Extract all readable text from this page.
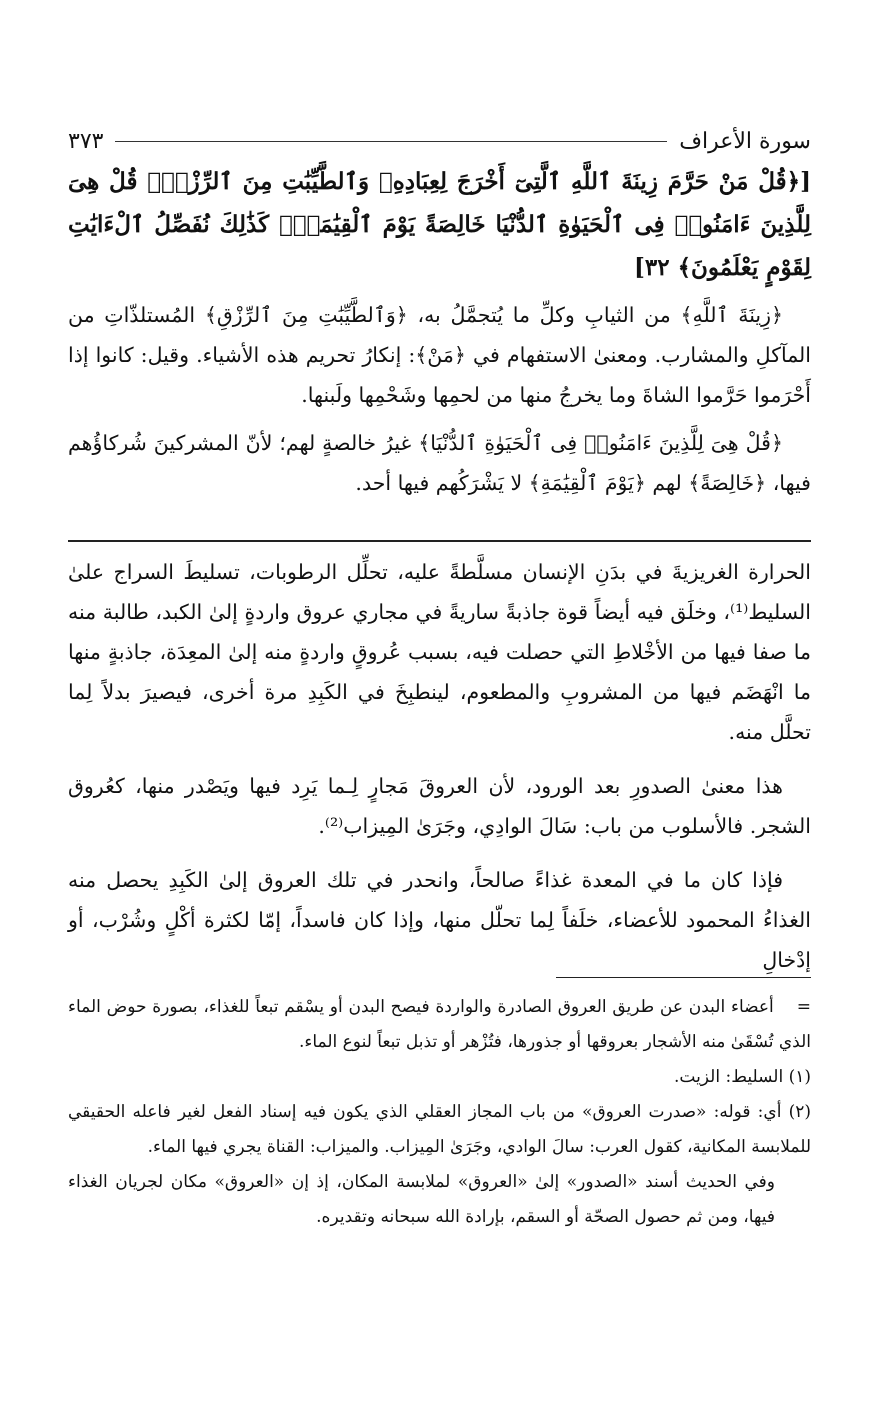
سورة الأعراف
٣٧٣
[﴿قُلْ مَنْ حَرَّمَ زِينَةَ ٱللَّهِ ٱلَّتِىٓ أَخْرَجَ لِعِبَادِهِۦ وَٱلطَّيِّبَٰتِ مِنَ ٱلرِّزْقِۚ قُلْ هِىَ لِلَّذِينَ ءَامَنُوا۟ فِى ٱلْحَيَوٰةِ ٱلدُّنْيَا خَالِصَةً يَوْمَ ٱلْقِيَٰمَةِۗ كَذَٰلِكَ نُفَصِّلُ ٱلْءَايَٰتِ لِقَوْمٍ يَعْلَمُونَ﴾ ٣٢]

﴿زِينَةَ ٱللَّهِ﴾ من الثيابِ وكلِّ ما يُتجمَّلُ به، ﴿وَٱلطَّيِّبَٰتِ مِنَ ٱلرِّزْقِ﴾ المُستلذّاتِ من المآكلِ والمشارب. ومعنىٰ الاستفهام في ﴿مَنْ﴾: إنكارُ تحريم هذه الأشياء. وقيل: كانوا إذا أَحْرَموا حَرَّموا الشاةَ وما يخرجُ منها من لحمِها وشَحْمِها ولَبنها.

﴿قُلْ هِىَ لِلَّذِينَ ءَامَنُوا۟ فِى ٱلْحَيَوٰةِ ٱلدُّنْيَا﴾ غيرُ خالصةٍ لهم؛ لأنّ المشركينَ شُركاؤُهم فيها، ﴿خَالِصَةً﴾ لهم ﴿يَوْمَ ٱلْقِيَٰمَةِ﴾ لا يَشْرَكُهم فيها أحد.

الحرارة الغريزيةَ في بدَنِ الإنسان مسلَّطةً عليه، تحلِّل الرطوبات، تسليطَ السراج علىٰ السليط⁽¹⁾، وخلَق فيه أيضاً قوة جاذبةً ساريةً في مجاري عروق واردةٍ إلىٰ الكبد، طالبة منه ما صفا فيها من الأخْلاطِ التي حصلت فيه، بسبب عُروقٍ واردةٍ منه إلىٰ المعِدَة، جاذبةٍ منها ما انْهَضَم فيها من المشروبِ والمطعوم، لينطبِخَ في الكَبِدِ مرة أخرى، فيصيرَ بدلاً لِما تحلَّل منه.

هذا معنىٰ الصدورِ بعد الورود، لأن العروقَ مَجارٍ لِـما يَرِد فيها ويَصْدر منها، كعُروق الشجر. فالأسلوب من باب: سَالَ الوادِي، وجَرَىٰ المِيزاب⁽²⁾.

فإذا كان ما في المعدة غذاءً صالحاً، وانحدر في تلك العروق إلىٰ الكَبِدِ يحصل منه الغذاءُ المحمود للأعضاء، خلَفاً لِما تحلّل منها، وإذا كان فاسداً، إمّا لكثرة أكْلٍ وشُرْب، أو إدْخالِ

=    أعضاء البدن عن طريق العروق الصادرة والواردة فيصح البدن أو يسْقم تبعاً للغذاء، بصورة حوض الماء الذي تُسْقَىٰ منه الأشجار بعروقها أو جذورها، فتُزْهر أو تذبل تبعاً لنوع الماء.

(١) السليط: الزيت.

(٢) أي: قوله: «صدرت العروق» من باب المجاز العقلي الذي يكون فيه إسناد الفعل لغير فاعله الحقيقي للملابسة المكانية، كقول العرب: سالَ الوادي، وجَرَىٰ المِيزاب. والميزاب: القناة يجري فيها الماء.

وفي الحديث أسند «الصدور» إلىٰ «العروق» لملابسة المكان، إذ إن «العروق» مكان لجريان الغذاء فيها، ومن ثم حصول الصحّة أو السقم، بإرادة الله سبحانه وتقديره.
